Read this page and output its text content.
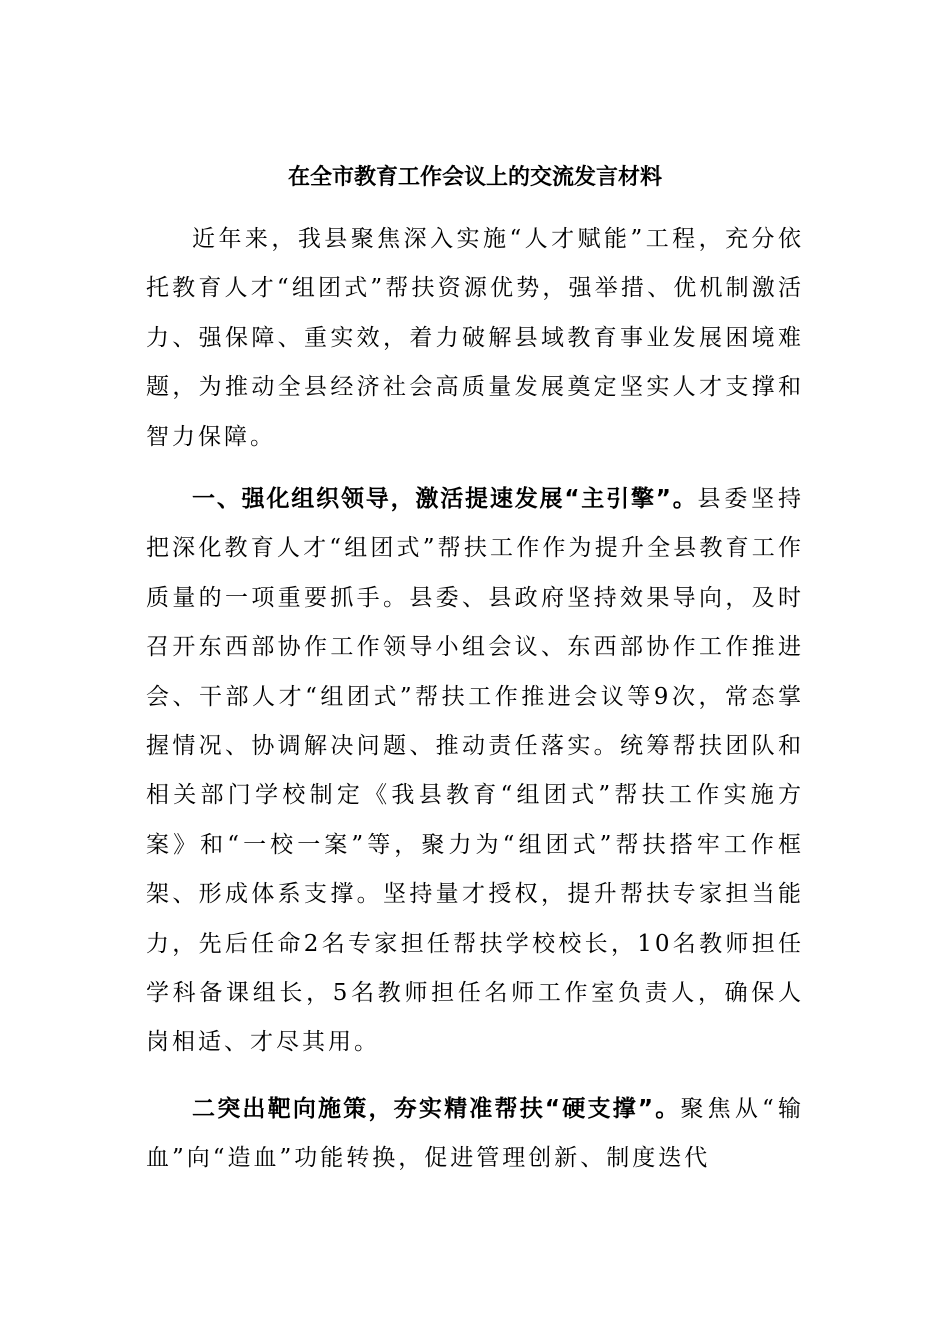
在全市教育工作会议上的交流发言材料

近年来，我县聚焦深入实施“人才赋能”工程，充分依托教育人才“组团式”帮扶资源优势，强举措、优机制激活力、强保障、重实效，着力破解县域教育事业发展困境难题，为推动全县经济社会高质量发展奠定坚实人才支撑和智力保障。

一、强化组织领导，激活提速发展“主引擎”。县委坚持把深化教育人才“组团式”帮扶工作作为提升全县教育工作质量的一项重要抓手。县委、县政府坚持效果导向，及时召开东西部协作工作领导小组会议、东西部协作工作推进会、干部人才“组团式”帮扶工作推进会议等9次，常态掌握情况、协调解决问题、推动责任落实。统筹帮扶团队和相关部门学校制定《我县教育“组团式”帮扶工作实施方案》和“一校一案”等，聚力为“组团式”帮扶搭牢工作框架、形成体系支撑。坚持量才授权，提升帮扶专家担当能力，先后任命2名专家担任帮扶学校校长，10名教师担任学科备课组长，5名教师担任名师工作室负责人，确保人岗相适、才尽其用。

二突出靶向施策，夯实精准帮扶“硬支撑”。聚焦从“输血”向“造血”功能转换，促进管理创新、制度迭代
